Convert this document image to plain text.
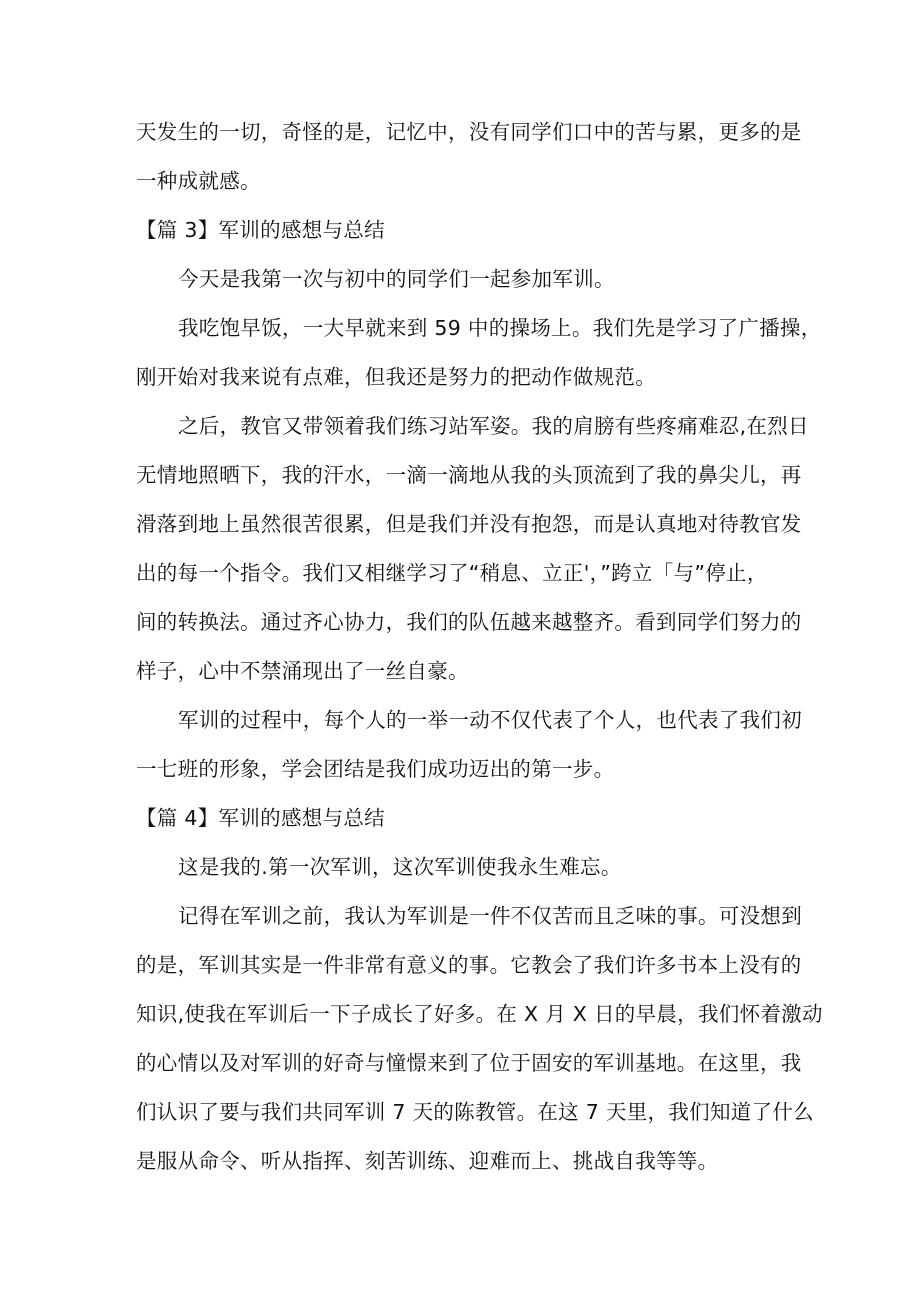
天发生的一切，奇怪的是，记忆中，没有同学们口中的苦与累，更多的是
一种成就感。
【篇 3】军训的感想与总结
今天是我第一次与初中的同学们一起参加军训。
我吃饱早饭，一大早就来到 59 中的操场上。我们先是学习了广播操，
刚开始对我来说有点难，但我还是努力的把动作做规范。
之后，教官又带领着我们练习站军姿。我的肩膀有些疼痛难忍,在烈日
无情地照晒下，我的汗水，一滴一滴地从我的头顶流到了我的鼻尖儿，再
滑落到地上虽然很苦很累，但是我们并没有抱怨，而是认真地对待教官发
出的每一个指令。我们又相继学习了“稍息、立正'，”跨立「与”停止，
间的转换法。通过齐心协力，我们的队伍越来越整齐。看到同学们努力的
样子，心中不禁涌现出了一丝自豪。
军训的过程中，每个人的一举一动不仅代表了个人，也代表了我们初
一七班的形象，学会团结是我们成功迈出的第一步。
【篇 4】军训的感想与总结
这是我的.第一次军训，这次军训使我永生难忘。
记得在军训之前，我认为军训是一件不仅苦而且乏味的事。可没想到
的是，军训其实是一件非常有意义的事。它教会了我们许多书本上没有的
知识,使我在军训后一下子成长了好多。在 X 月 X 日的早晨，我们怀着激动
的心情以及对军训的好奇与憧憬来到了位于固安的军训基地。在这里，我
们认识了要与我们共同军训 7 天的陈教管。在这 7 天里，我们知道了什么
是服从命令、听从指挥、刻苦训练、迎难而上、挑战自我等等。
